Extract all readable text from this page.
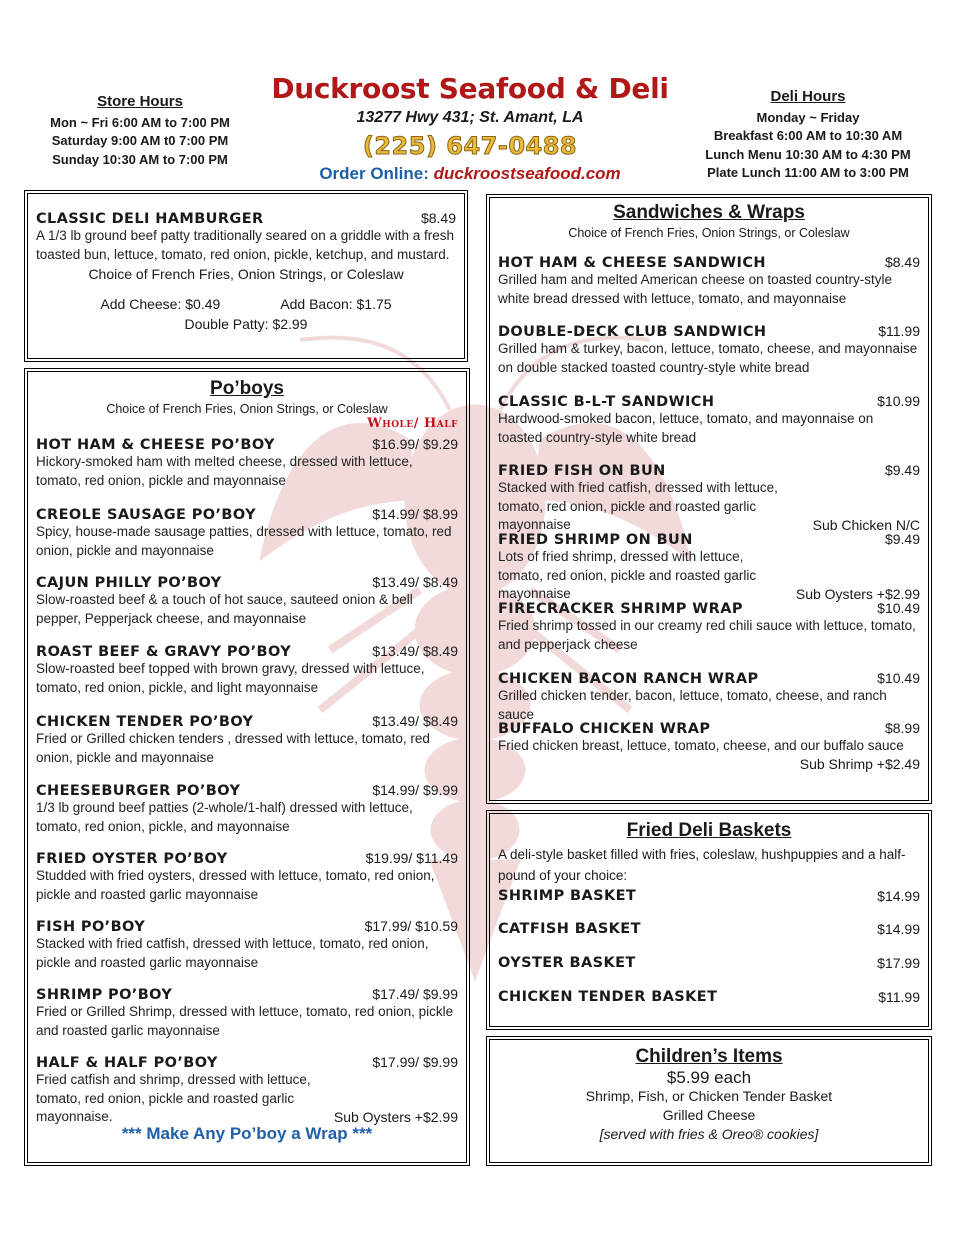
Store Hours
Mon ~ Fri 6:00 AM to 7:00 PM
Saturday 9:00 AM t0 7:00 PM
Sunday 10:30 AM to 7:00 PM
Duckroost Seafood & Deli
13277 Hwy 431; St. Amant, LA
(225) 647-0488
Order Online: duckroostseafood.com
Deli Hours
Monday ~ Friday
Breakfast 6:00 AM to 10:30 AM
Lunch Menu 10:30 AM to 4:30 PM
Plate Lunch 11:00 AM to 3:00 PM
CLASSIC DELI HAMBURGER	$8.49
A 1/3 lb ground beef patty traditionally seared on a griddle with a fresh toasted bun, lettuce, tomato, red onion, pickle, ketchup, and mustard.
Choice of French Fries, Onion Strings, or Coleslaw
Add Cheese: $0.49	Add Bacon: $1.75
Double Patty: $2.99
Po’boys
Choice of French Fries, Onion Strings, or Coleslaw
Whole/ Half
HOT HAM & CHEESE PO’BOY	$16.99/ $9.29
Hickory-smoked ham with melted cheese, dressed with lettuce, tomato, red onion, pickle and mayonnaise
CREOLE SAUSAGE PO’BOY	$14.99/ $8.99
Spicy, house-made sausage patties, dressed with lettuce, tomato, red onion, pickle and mayonnaise
CAJUN PHILLY PO’BOY	$13.49/ $8.49
Slow-roasted beef & a touch of hot sauce, sauteed onion & bell pepper, Pepperjack cheese, and mayonnaise
ROAST BEEF & GRAVY PO’BOY	$13.49/ $8.49
Slow-roasted beef topped with brown gravy, dressed with lettuce, tomato, red onion, pickle, and light mayonnaise
CHICKEN TENDER PO’BOY	$13.49/ $8.49
Fried or Grilled chicken tenders , dressed with lettuce, tomato, red onion, pickle and mayonnaise
CHEESEBURGER PO’BOY	$14.99/ $9.99
1/3 lb ground beef patties (2-whole/1-half) dressed with lettuce, tomato, red onion, pickle, and mayonnaise
FRIED OYSTER PO’BOY	$19.99/ $11.49
Studded with fried oysters, dressed with lettuce, tomato, red onion, pickle and roasted garlic mayonnaise
FISH PO’BOY	$17.99/ $10.59
Stacked with fried catfish, dressed with lettuce, tomato, red onion, pickle and roasted garlic mayonnaise
SHRIMP PO’BOY	$17.49/ $9.99
Fried or Grilled Shrimp, dressed with lettuce, tomato, red onion, pickle and roasted garlic mayonnaise
HALF & HALF PO’BOY	$17.99/ $9.99
Fried catfish and shrimp, dressed with lettuce, tomato, red onion, pickle and roasted garlic mayonnaise.	Sub Oysters +$2.99
*** Make Any Po’boy a Wrap ***
Sandwiches & Wraps
Choice of French Fries, Onion Strings, or Coleslaw
HOT HAM & CHEESE SANDWICH	$8.49
Grilled ham and melted American cheese on toasted country-style white bread dressed with lettuce, tomato, and mayonnaise
DOUBLE-DECK CLUB SANDWICH	$11.99
Grilled ham & turkey, bacon, lettuce, tomato, cheese, and mayonnaise on double stacked toasted country-style white bread
CLASSIC B-L-T SANDWICH	$10.99
Hardwood-smoked bacon, lettuce, tomato, and mayonnaise on toasted country-style white bread
FRIED FISH ON BUN	$9.49
Stacked with fried catfish, dressed with lettuce, tomato, red onion, pickle and roasted garlic mayonnaise	Sub Chicken N/C
FRIED SHRIMP ON BUN	$9.49
Lots of fried shrimp, dressed with lettuce, tomato, red onion, pickle and roasted garlic mayonnaise	Sub Oysters +$2.99
FIRECRACKER SHRIMP WRAP	$10.49
Fried shrimp tossed in our creamy red chili sauce with lettuce, tomato, and pepperjack cheese
CHICKEN BACON RANCH WRAP	$10.49
Grilled chicken tender, bacon, lettuce, tomato, cheese, and ranch sauce
BUFFALO CHICKEN WRAP	$8.99
Fried chicken breast, lettuce, tomato, cheese, and our buffalo sauce
Sub Shrimp +$2.49
Fried Deli Baskets
A deli-style basket filled with fries, coleslaw, hushpuppies and a half-pound of your choice:
SHRIMP BASKET	$14.99
CATFISH BASKET	$14.99
OYSTER BASKET	$17.99
CHICKEN TENDER BASKET	$11.99
Children’s Items
$5.99 each
Shrimp, Fish, or Chicken Tender Basket
Grilled Cheese
[served with fries & Oreo® cookies]
